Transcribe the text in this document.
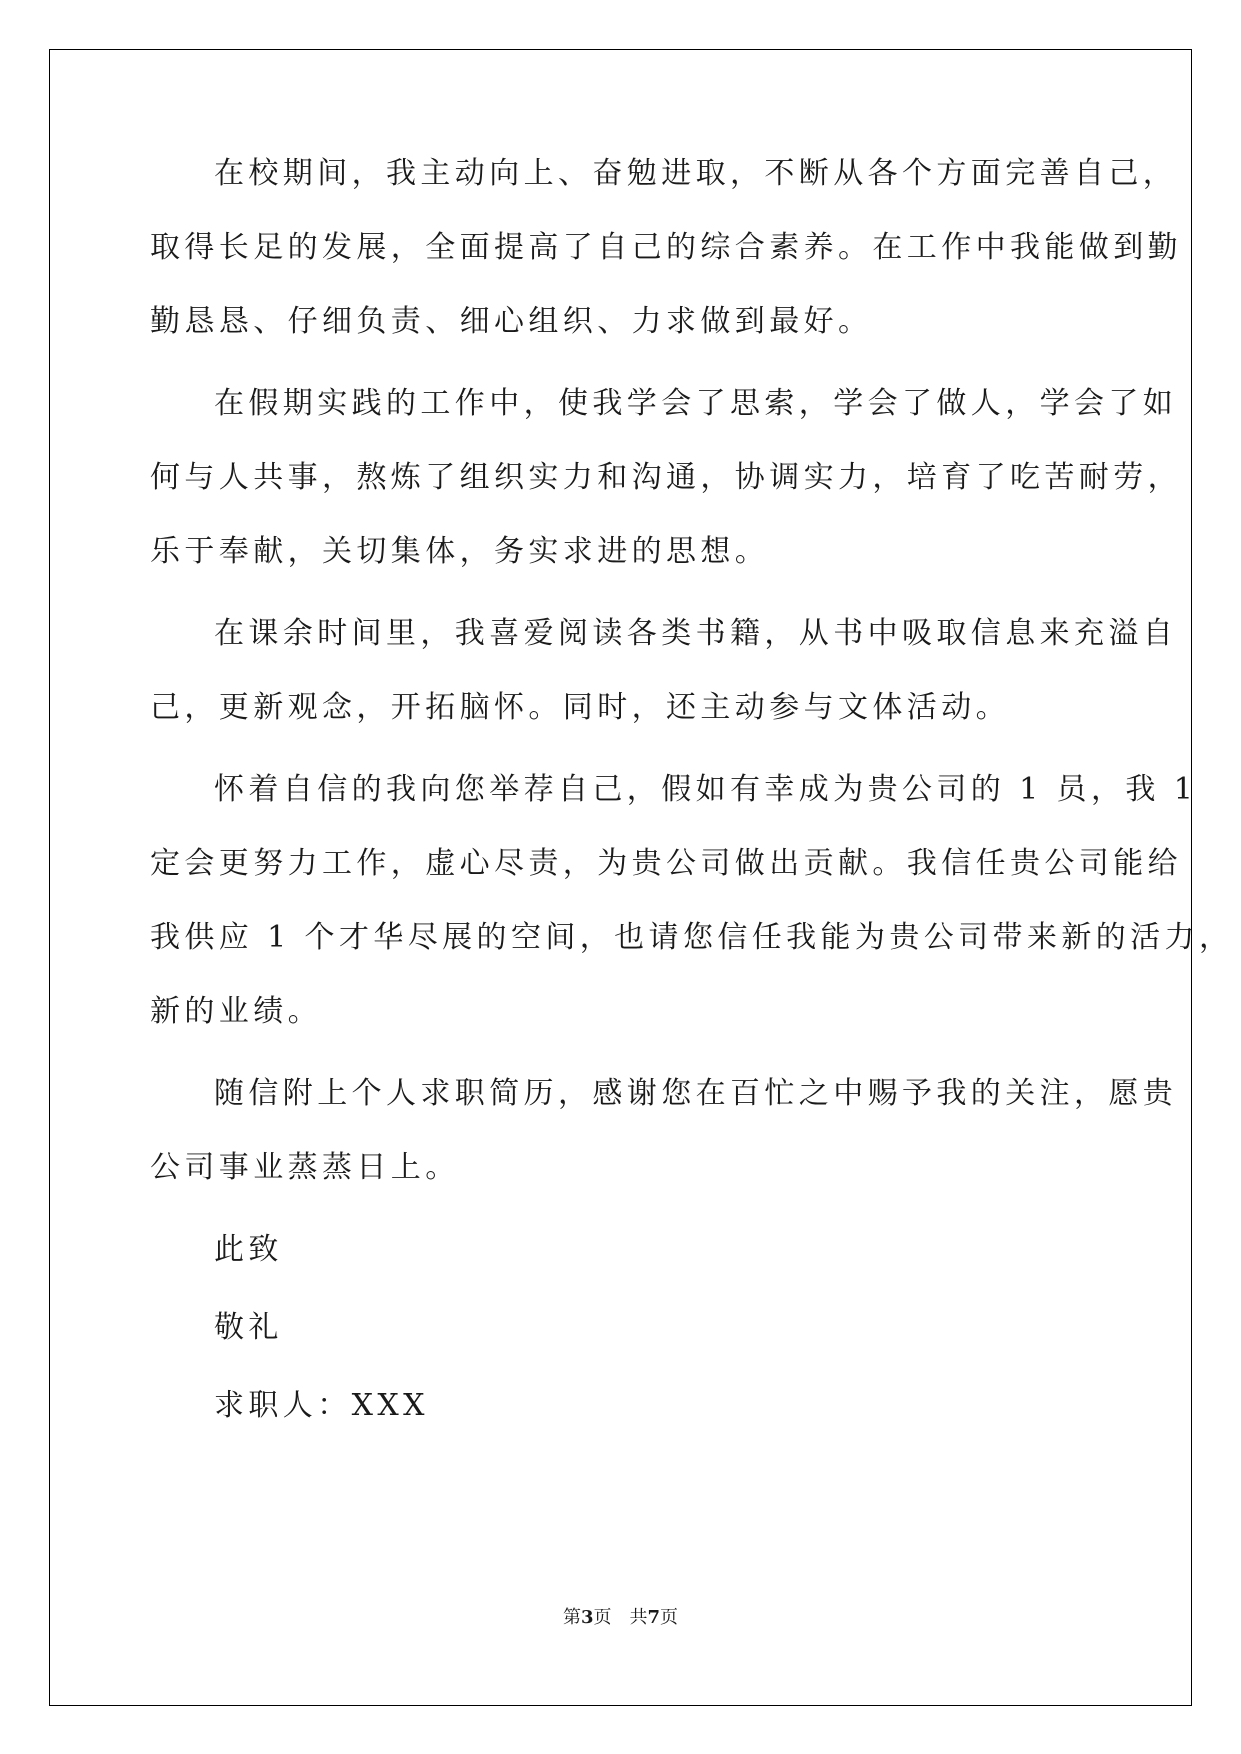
在校期间，我主动向上、奋勉进取，不断从各个方面完善自己，
取得长足的发展，全面提高了自己的综合素养。在工作中我能做到勤
勤恳恳、仔细负责、细心组织、力求做到最好。
在假期实践的工作中，使我学会了思索，学会了做人，学会了如
何与人共事，熬炼了组织实力和沟通，协调实力，培育了吃苦耐劳，
乐于奉献，关切集体，务实求进的思想。
在课余时间里，我喜爱阅读各类书籍，从书中吸取信息来充溢自
己，更新观念，开拓脑怀。同时，还主动参与文体活动。
怀着自信的我向您举荐自己，假如有幸成为贵公司的 1 员，我 1
定会更努力工作，虚心尽责，为贵公司做出贡献。我信任贵公司能给
我供应 1 个才华尽展的空间，也请您信任我能为贵公司带来新的活力，
新的业绩。
随信附上个人求职简历，感谢您在百忙之中赐予我的关注，愿贵
公司事业蒸蒸日上。
此致
敬礼
求职人：XXX
第3页　共7页
